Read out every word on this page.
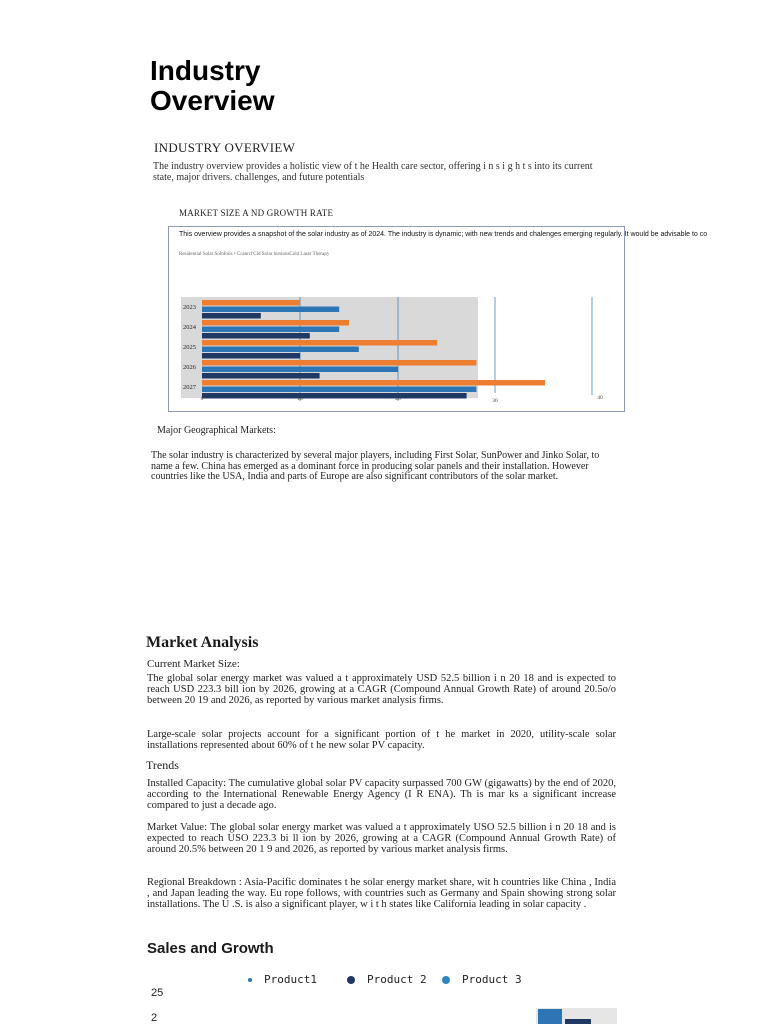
Industry
Overview
INDUSTRY OVERVIEW
The industry overview provides a holistic view of t he Health care sector, offering i n s i g h t s into its current state, major drivers. challenges, and future potentials
MARKET SIZE A ND GROWTH RATE
2023
2024
2025
2026
2027
0	10	20	30	40
This overview provides a snapshot of the solar industry as of 2024. The industry is dynamic; with new trends and chalenges emerging regularly. It would be advisable to co
Residential Solar Solnfoils • Ccanrcl'Cld Solar lnrsionsCold Laser Therapy
Major Geographical Markets:
The solar industry is characterized by several major players, including First Solar, SunPower and Jinko Solar, to name a few. China has emerged as a dominant force in producing solar panels and their installation. However countries like the USA, India and parts of Europe are also significant contributors of the solar market.
Market Analysis
Current Market Size:
The global solar energy market was valued a t approximately USD 52.5 billion i n 20 18 and is expected to reach USD 223.3 bill ion by 2026, growing at a CAGR (Compound Annual Growth Rate) of around 20.5o/o between 20 19 and 2026, as reported by various market analysis firms.
Large-scale solar projects account for a significant portion of t he market in 2020, utility-scale solar installations represented about 60% of t he new solar PV capacity.
Trends
Installed Capacity: The cumulative global solar PV capacity surpassed 700 GW (gigawatts) by the end of 2020, according to the International Renewable Energy Agency (I R ENA). Th is mar ks a significant increase compared to just a decade ago.
Market Value: The global solar energy market was valued a t approximately USO 52.5 billion i n 20 18 and is expected to reach USO 223.3 bi ll ion by 2026, growing at a CAGR (Compound Annual Growth Rate) of around 20.5% between 20 1 9 and 2026, as reported by various market analysis firms.
Regional Breakdown : Asia-Pacific dominates t he solar energy market share, wit h countries like China , India , and Japan leading the way. Eu rope follows, with countries such as Germany and Spain showing strong solar installations. The U .S. is also a significant player, w i t h states like California leading in solar capacity .
Sales and Growth
Product1	Product 2	Product 3
25
2
